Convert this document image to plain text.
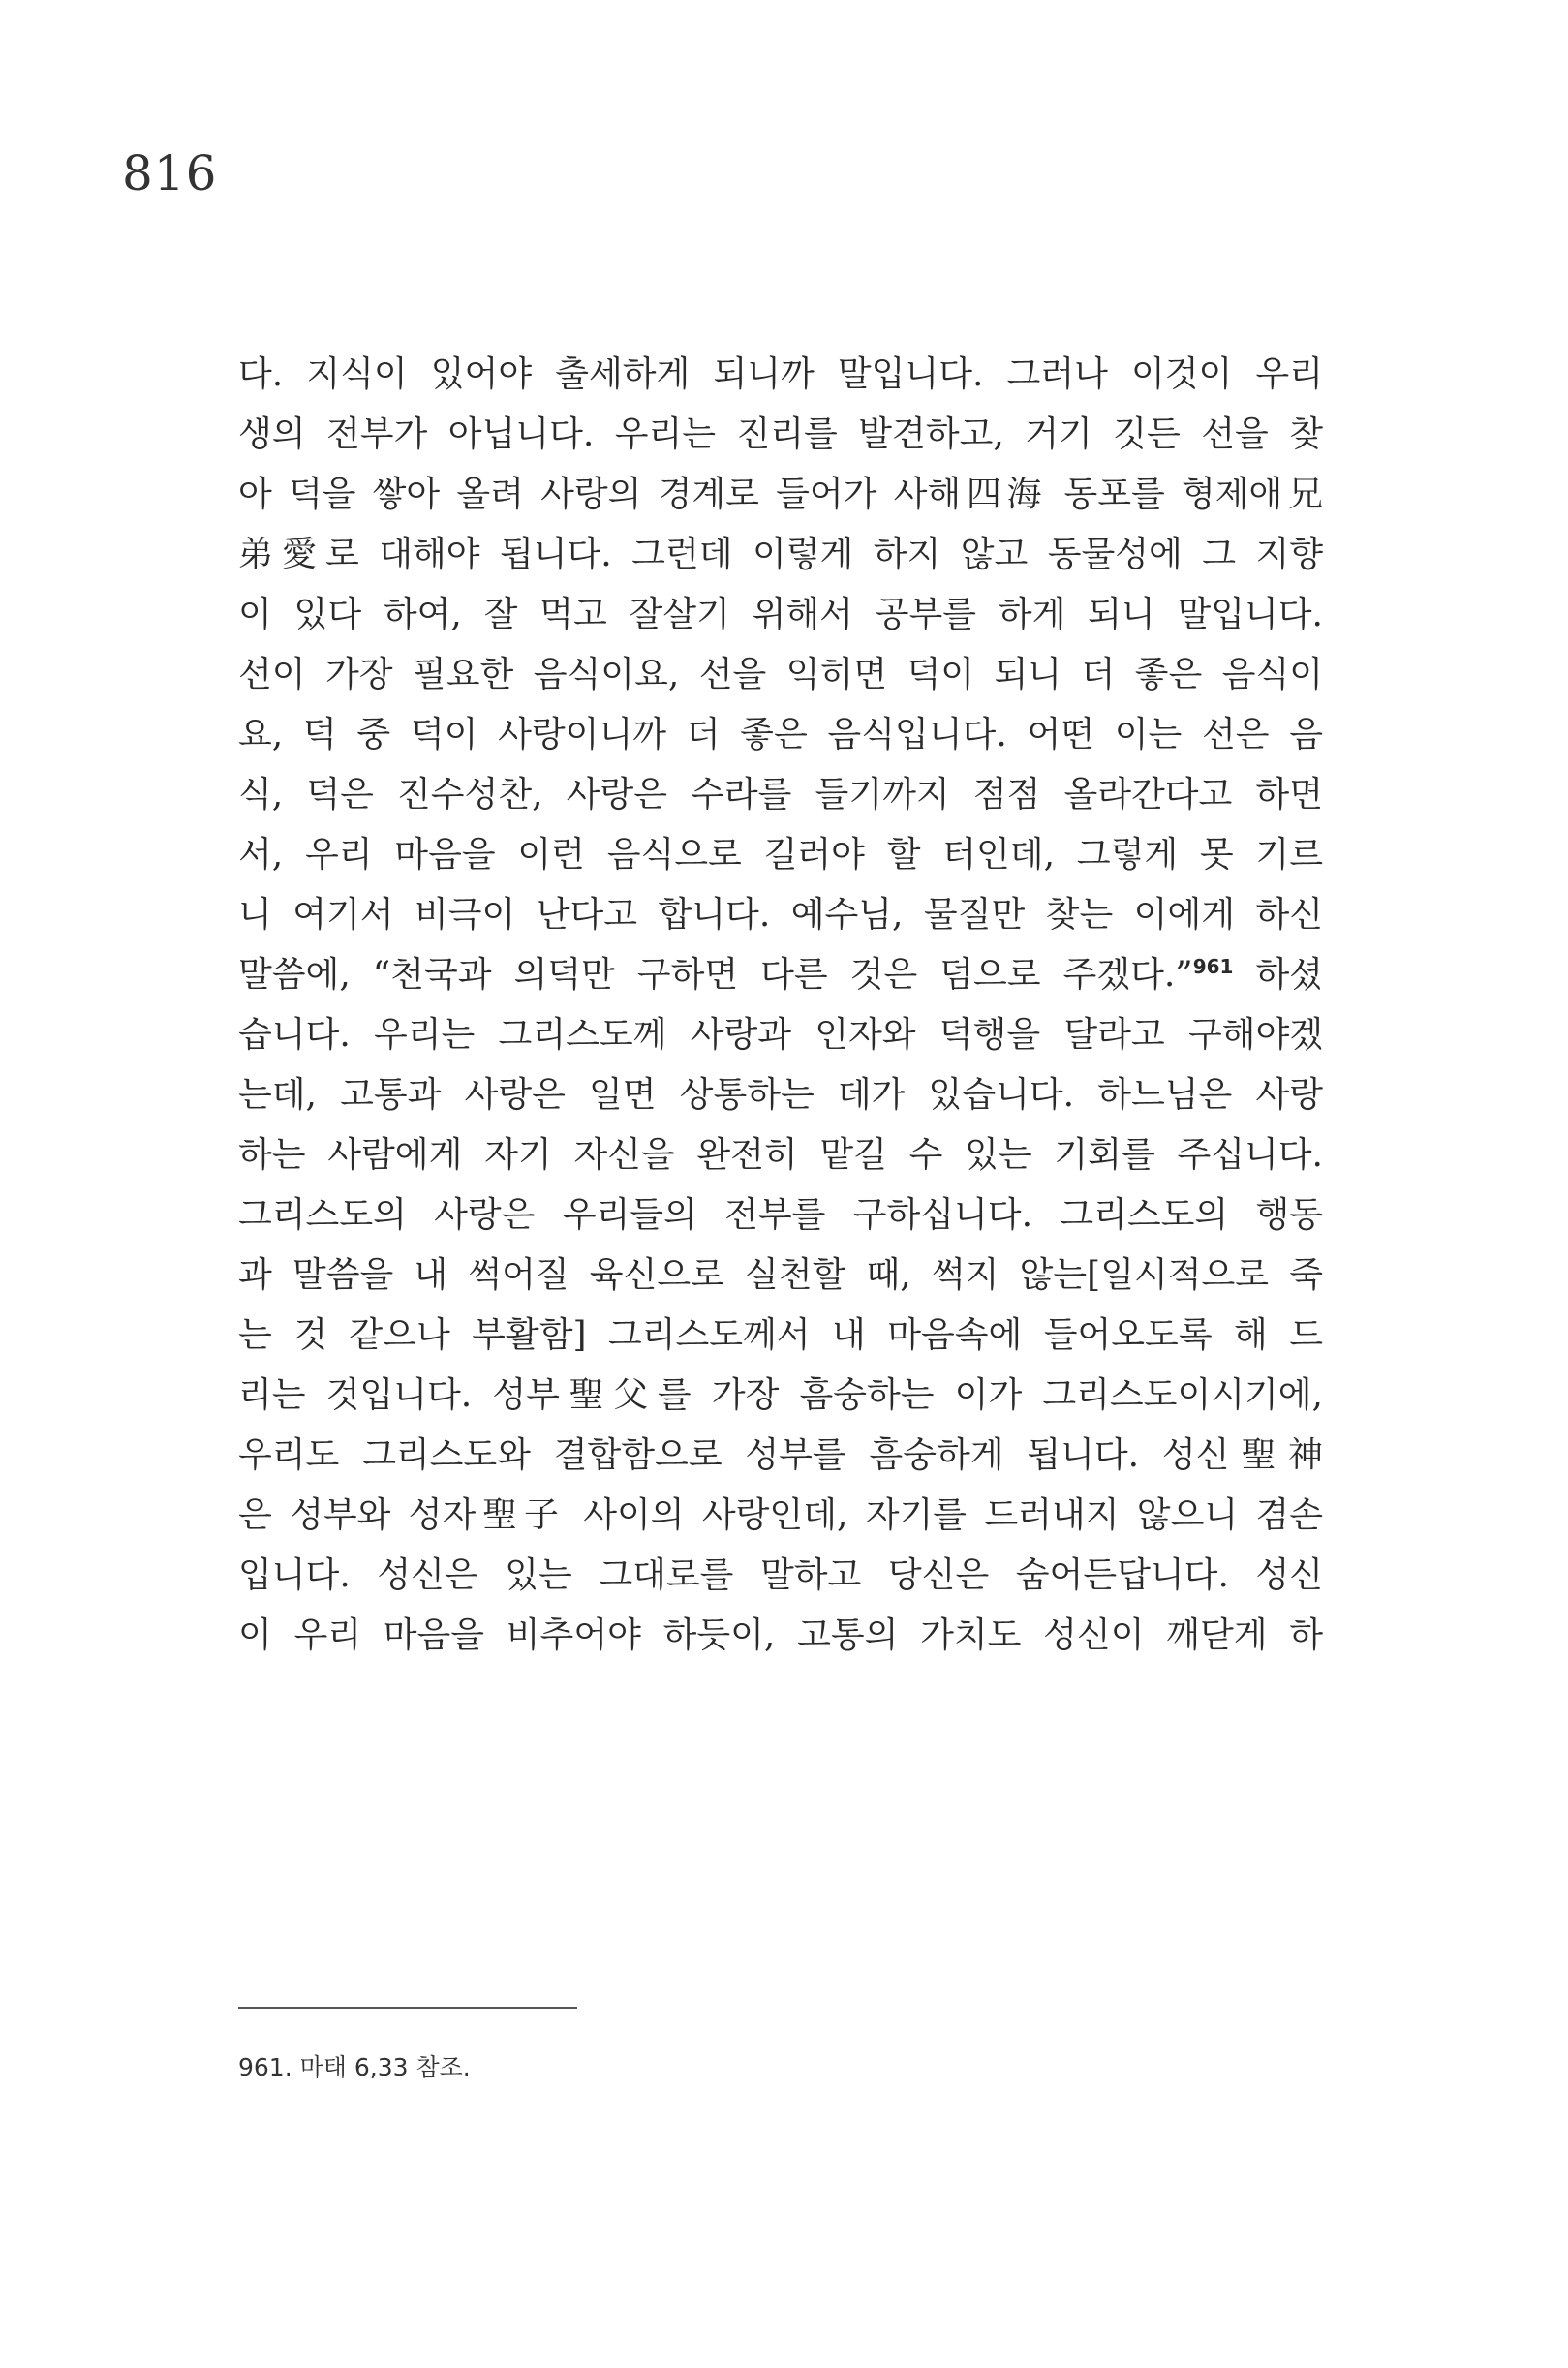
816
다. 지식이 있어야 출세하게 되니까 말입니다. 그러나 이것이 우리
생의 전부가 아닙니다. 우리는 진리를 발견하고, 거기 깃든 선을 찾
아 덕을 쌓아 올려 사랑의 경계로 들어가 사해四海 동포를 형제애兄
弟愛로 대해야 됩니다. 그런데 이렇게 하지 않고 동물성에 그 지향
이 있다 하여, 잘 먹고 잘살기 위해서 공부를 하게 되니 말입니다.
선이 가장 필요한 음식이요, 선을 익히면 덕이 되니 더 좋은 음식이
요, 덕 중 덕이 사랑이니까 더 좋은 음식입니다. 어떤 이는 선은 음
식, 덕은 진수성찬, 사랑은 수라를 들기까지 점점 올라간다고 하면
서, 우리 마음을 이런 음식으로 길러야 할 터인데, 그렇게 못 기르
니 여기서 비극이 난다고 합니다. 예수님, 물질만 찾는 이에게 하신
말씀에, “천국과 의덕만 구하면 다른 것은 덤으로 주겠다.”$^{961}$ 하셨
습니다. 우리는 그리스도께 사랑과 인자와 덕행을 달라고 구해야겠
는데, 고통과 사랑은 일면 상통하는 데가 있습니다. 하느님은 사랑
하는 사람에게 자기 자신을 완전히 맡길 수 있는 기회를 주십니다.
그리스도의 사랑은 우리들의 전부를 구하십니다. 그리스도의 행동
과 말씀을 내 썩어질 육신으로 실천할 때, 썩지 않는[일시적으로 죽
는 것 같으나 부활함] 그리스도께서 내 마음속에 들어오도록 해 드
리는 것입니다. 성부聖父를 가장 흠숭하는 이가 그리스도이시기에,
우리도 그리스도와 결합함으로 성부를 흠숭하게 됩니다. 성신聖神
은 성부와 성자聖子 사이의 사랑인데, 자기를 드러내지 않으니 겸손
입니다. 성신은 있는 그대로를 말하고 당신은 숨어든답니다. 성신
이 우리 마음을 비추어야 하듯이, 고통의 가치도 성신이 깨닫게 하
961. 마태 6,33 참조.
